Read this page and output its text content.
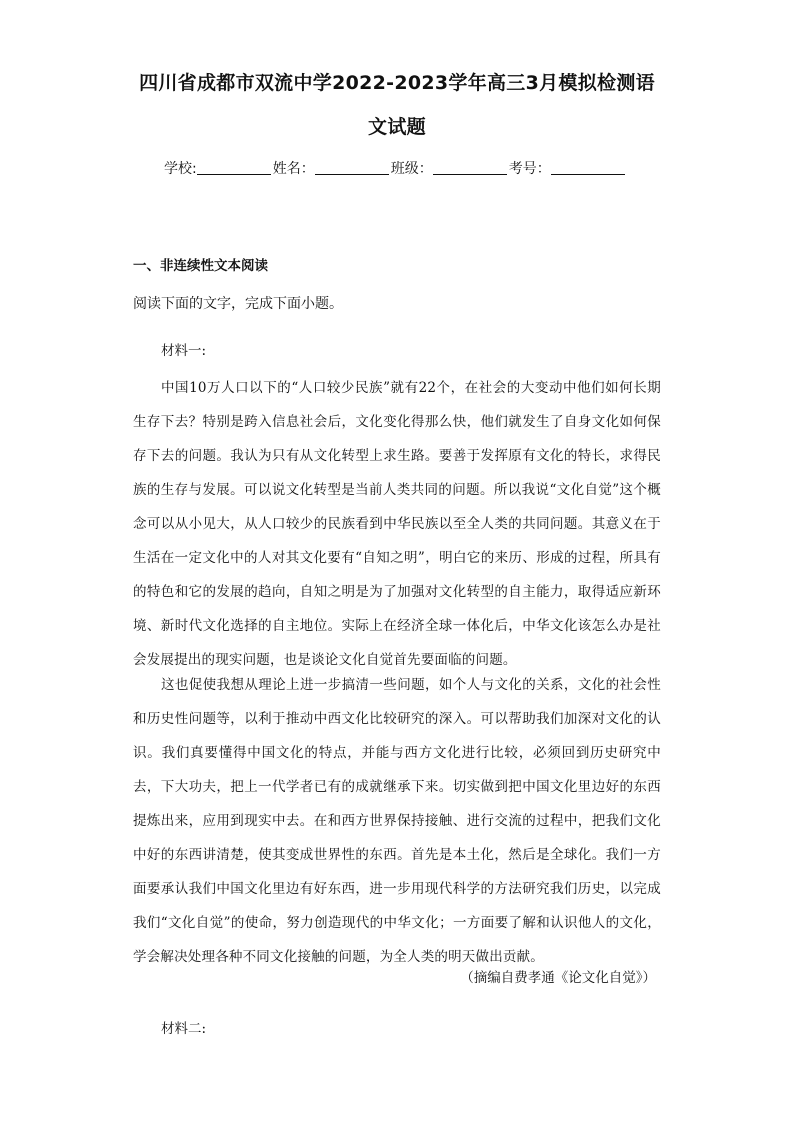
四川省成都市双流中学2022-2023学年高三3月模拟检测语
文试题
学校:	姓名：	班级：	考号：
一、非连续性文本阅读

阅读下面的文字，完成下面小题。

材料一:

中国10万人口以下的“人口较少民族”就有22个，在社会的大变动中他们如何长期生存下去？特别是跨入信息社会后，文化变化得那么快，他们就发生了自身文化如何保存下去的问题。我认为只有从文化转型上求生路。要善于发挥原有文化的特长，求得民族的生存与发展。可以说文化转型是当前人类共同的问题。所以我说“文化自觉”这个概念可以从小见大，从人口较少的民族看到中华民族以至全人类的共同问题。其意义在于生活在一定文化中的人对其文化要有“自知之明”，明白它的来历、形成的过程，所具有的特色和它的发展的趋向，自知之明是为了加强对文化转型的自主能力，取得适应新环境、新时代文化选择的自主地位。实际上在经济全球一体化后，中华文化该怎么办是社会发展提出的现实问题，也是谈论文化自觉首先要面临的问题。

这也促使我想从理论上进一步搞清一些问题，如个人与文化的关系，文化的社会性和历史性问题等，以利于推动中西文化比较研究的深入。可以帮助我们加深对文化的认识。我们真要懂得中国文化的特点，并能与西方文化进行比较，必须回到历史研究中去，下大功夫，把上一代学者已有的成就继承下来。切实做到把中国文化里边好的东西提炼出来，应用到现实中去。在和西方世界保持接触、进行交流的过程中，把我们文化中好的东西讲清楚，使其变成世界性的东西。首先是本土化，然后是全球化。我们一方面要承认我们中国文化里边有好东西，进一步用现代科学的方法研究我们历史，以完成我们“文化自觉”的使命，努力创造现代的中华文化；一方面要了解和认识他人的文化，学会解决处理各种不同文化接触的问题，为全人类的明天做出贡献。

（摘编自费孝通《论文化自觉》）

材料二:
